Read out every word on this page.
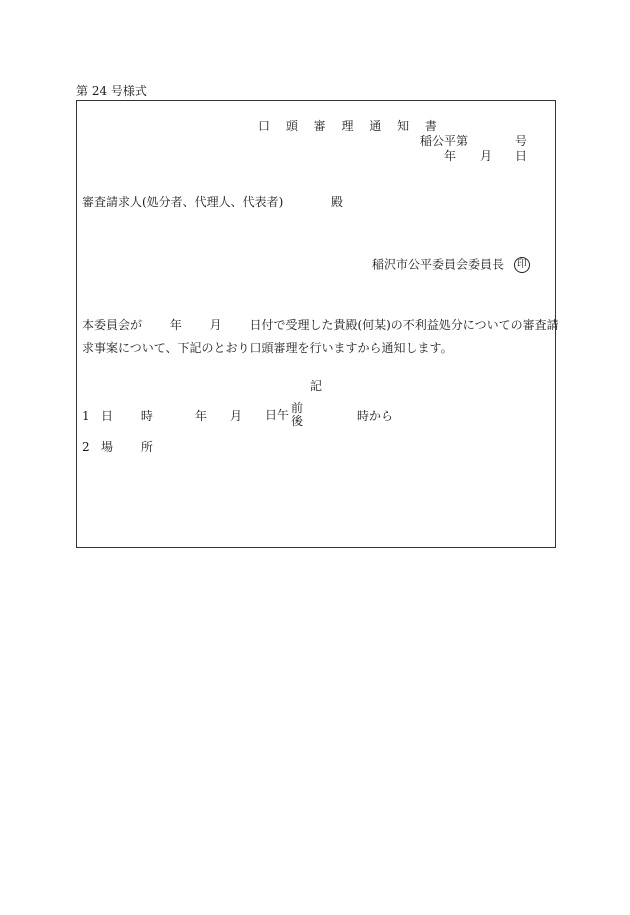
第 24 号様式
口 頭 審 理 通 知 書
稲公平第	号
年 月 日
審査請求人(処分者、代理人、代表者)	殿
稲沢市公平委員会委員長 印
本委員会が 　　年 　　月 　　日付で受理した貴殿(何某)の不利益処分についての審査請
求事案について、下記のとおり口頭審理を行いますから通知します。
記
1 日 　　時	年 月 日午
前
後	時から
2 場 　　所
